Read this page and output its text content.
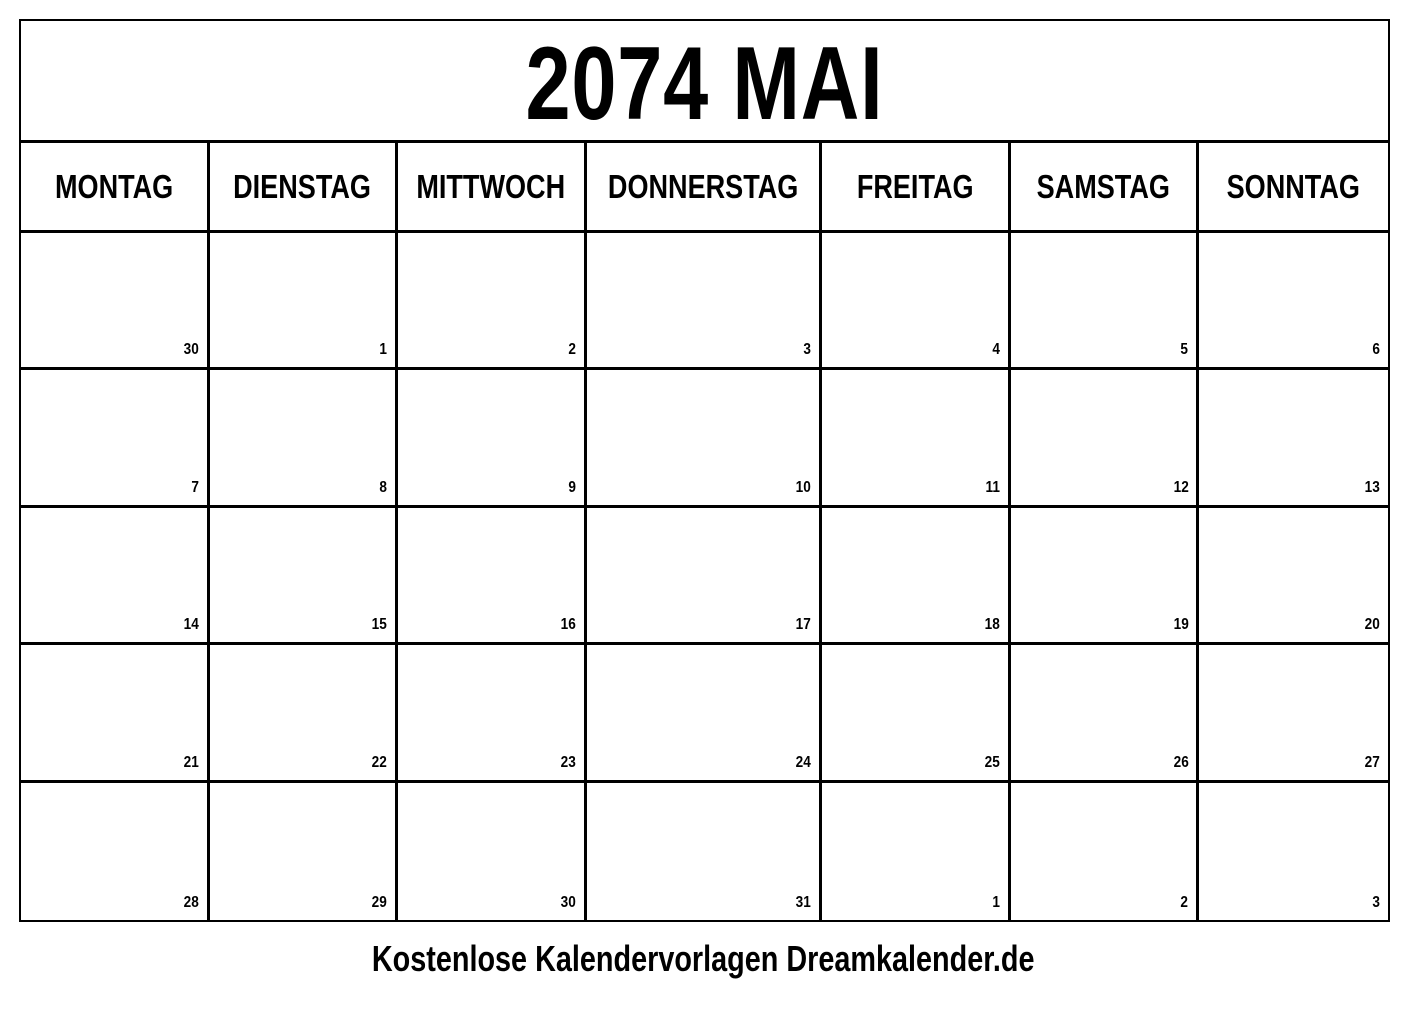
2074 MAI
MONTAG DIENSTAG MITTWOCH DONNERSTAG FREITAG SAMSTAG SONNTAG
30	1	2	3	4	5	6
7	8	9	10	11	12	13
14	15	16	17	18	19	20
21	22	23	24	25	26	27
28	29	30	31	1	2	3
Kostenlose Kalendervorlagen Dreamkalender.de
